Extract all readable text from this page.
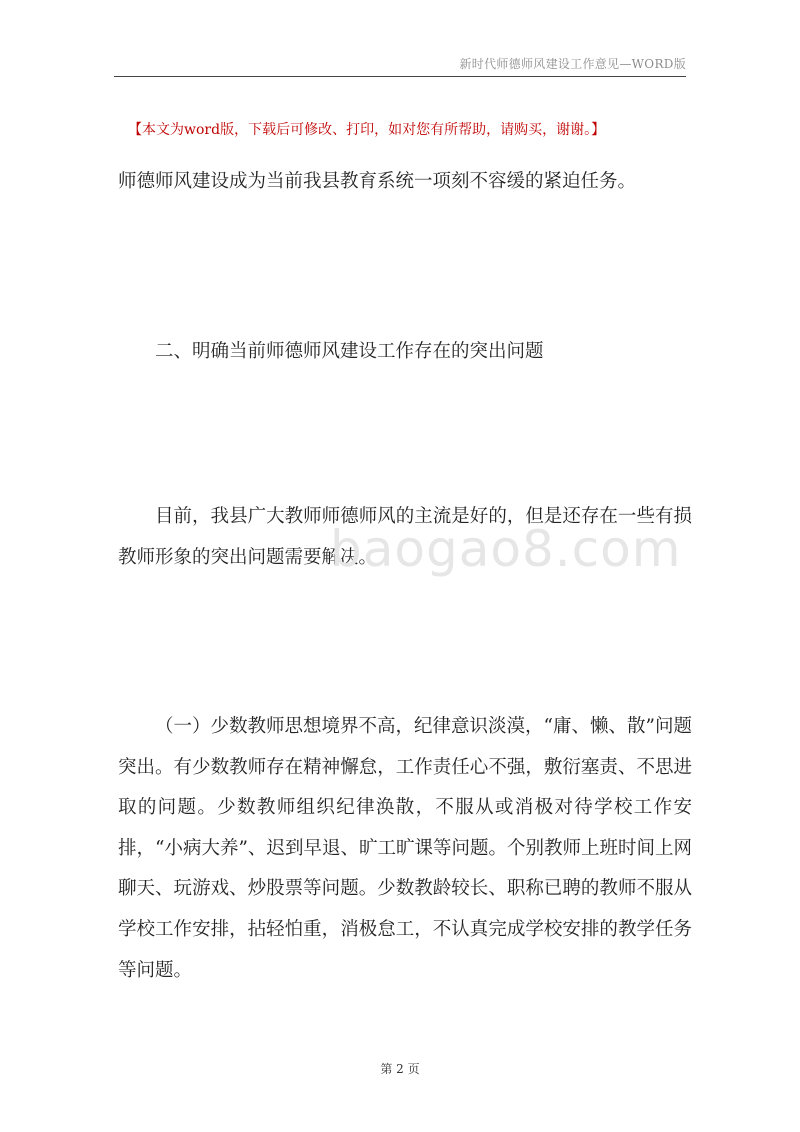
新时代师德师风建设工作意见—WORD版
【本文为word版，下载后可修改、打印，如对您有所帮助，请购买，谢谢。】

师德师风建设成为当前我县教育系统一项刻不容缓的紧迫任务。

二、明确当前师德师风建设工作存在的突出问题

目前，我县广大教师师德师风的主流是好的，但是还存在一些有损教师形象的突出问题需要解决。

baogao8.com

（一）少数教师思想境界不高，纪律意识淡漠，“庸、懒、散”问题突出。有少数教师存在精神懈怠，工作责任心不强，敷衍塞责、不思进取的问题。少数教师组织纪律涣散，不服从或消极对待学校工作安排，“小病大养”、迟到早退、旷工旷课等问题。个别教师上班时间上网聊天、玩游戏、炒股票等问题。少数教龄较长、职称已聘的教师不服从学校工作安排，拈轻怕重，消极怠工，不认真完成学校安排的教学任务等问题。

第 2 页
